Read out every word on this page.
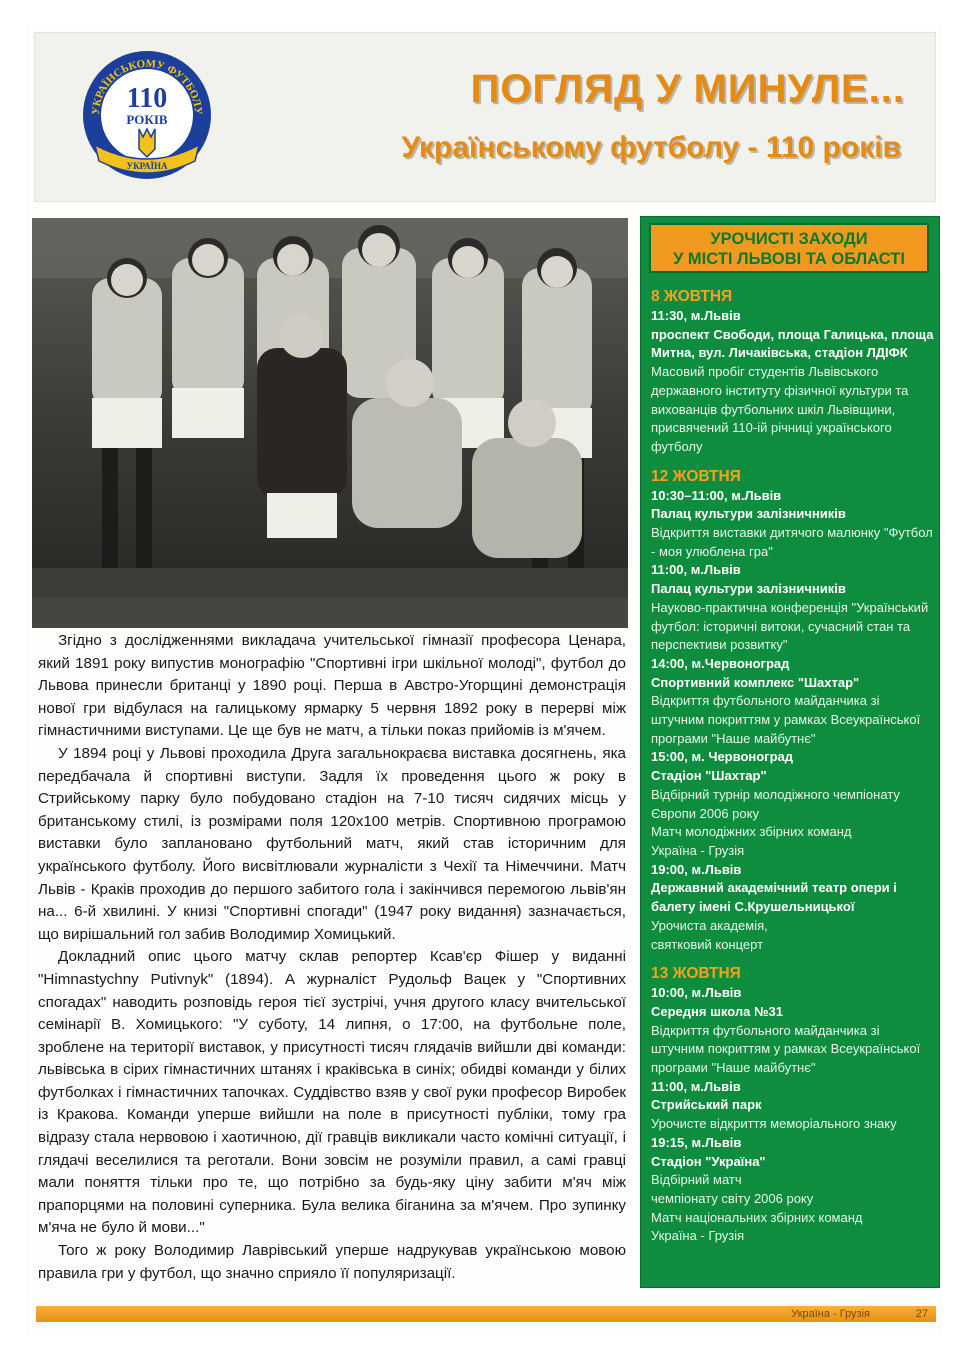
УКРАЇНСЬКОМУ ФУТБОЛУ
110
РОКІВ
УКРАЇНА
ПОГЛЯД У МИНУЛЕ...
Українському футболу - 110 років

Згідно з дослідженнями викладача учительської гімназії професора Ценара, який 1891 року випустив монографію "Спортивні ігри шкільної молоді", футбол до Львова принесли британці у 1890 році. Перша в Австро-Угорщині демонстрація нової гри відбулася на галицькому ярмарку 5 червня 1892 року в перерві між гімнастичними виступами. Це ще був не матч, а тільки показ прийомів із м'ячем.

У 1894 році у Львові проходила Друга загальнокраєва виставка досягнень, яка передбачала й спортивні виступи. Задля їх проведення цього ж року в Стрийському парку було побудовано стадіон на 7-10 тисяч сидячих місць у британському стилі, із розмірами поля 120х100 метрів. Спортивною програмою виставки було заплановано футбольний матч, який став історичним для українського футболу. Його висвітлювали журналісти з Чехії та Німеччини. Матч Львів - Краків проходив до першого забитого гола і закінчився перемогою львів'ян на... 6-й хвилині. У книзі "Спортивні спогади" (1947 року видання) зазначається, що вирішальний гол забив Володимир Хомицький.

Докладний опис цього матчу склав репортер Ксав'єр Фішер у виданні "Himnastychny Putivnyk" (1894). А журналіст Рудольф Вацек у "Спортивних спогадах" наводить розповідь героя тієї зустрічі, учня другого класу вчительської семінарії В. Хомицького: "У суботу, 14 липня, о 17:00, на футбольне поле, зроблене на території виставок, у присутності тисяч глядачів вийшли дві команди: львівська в сірих гімнастичних штанях і краківська в синіх; обидві команди у білих футболках і гімнастичних тапочках. Суддівство взяв у свої руки професор Виробек із Кракова. Команди уперше вийшли на поле в присутності публіки, тому гра відразу стала нервовою і хаотичною, дії гравців викликали часто комічні ситуації, і глядачі веселилися та реготали. Вони зовсім не розуміли правил, а самі гравці мали поняття тільки про те, що потрібно за будь-яку ціну забити м'яч між прапорцями на половині суперника. Була велика біганина за м'ячем. Про зупинку м'яча не було й мови..."

Того ж року Володимир Лаврівський уперше надрукував українською мовою правила гри у футбол, що значно сприяло її популяризації.

УРОЧИСТІ ЗАХОДИ
У МІСТІ ЛЬВОВІ ТА ОБЛАСТІ

8 ЖОВТНЯ

11:30, м.Львів

проспект Свободи, площа Галицька, площа Митна, вул. Личаківська, стадіон ЛДІФК

Масовий пробіг студентів Львівського державного інституту фізичної культури та вихованців футбольних шкіл Львівщини, присвячений 110-ій річниці українського футболу

12 ЖОВТНЯ

10:30–11:00, м.Львів

Палац культури залізничників

Відкриття виставки дитячого малюнку "Футбол - моя улюблена гра"

11:00, м.Львів

Палац культури залізничників

Науково-практична конференція "Український футбол: історичні витоки, сучасний стан та перспективи розвитку"

14:00, м.Червоноград

Спортивний комплекс "Шахтар"

Відкриття футбольного майданчика зі штучним покриттям у рамках Всеукраїнської програми "Наше майбутнє"

15:00, м. Червоноград

Стадіон "Шахтар"

Відбірний турнір молодіжного чемпіонату Європи 2006 року
Матч молодіжних збірних команд
Україна - Грузія

19:00, м.Львів

Державний академічний театр опери і балету імені С.Крушельницької

Урочиста академія,
святковий концерт

13 ЖОВТНЯ

10:00, м.Львів

Середня школа №31

Відкриття футбольного майданчика зі штучним покриттям у рамках Всеукраїнської програми "Наше майбутнє"

11:00, м.Львів

Стрийський парк

Урочисте відкриття меморіального знаку

19:15, м.Львів

Стадіон "Україна"

Відбірний матч
чемпіонату світу 2006 року
Матч національних збірних команд
Україна - Грузія

Україна - Грузія	27
